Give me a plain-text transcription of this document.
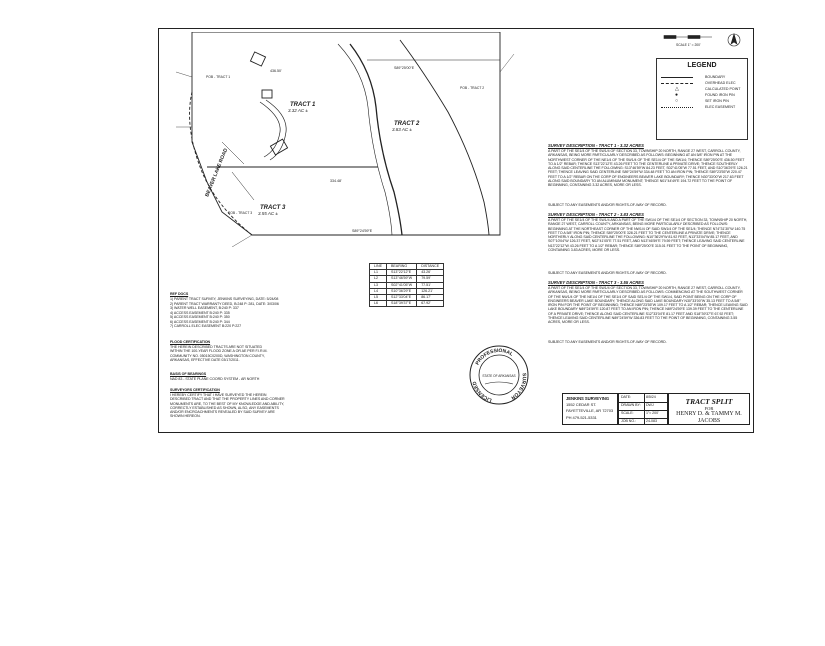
TRACT 1
3.32 AC ±
TRACT 2
3.83 AC ±
TRACT 3
3.55 AC ±
BEAVER LAKE ROAD
POB - TRACT 1
POB - TRACT 2
POB - TRACT 3
436.50'
S89°25'00"E
334.48'
S89°24'59"E
SCALE 1" = 200'
LEGEND
BOUNDARY
OVERHEAD ELEC
△	CALCULATED POINT
●	FOUND IRON PIN
○	SET IRON PIN
ELEC EASEMENT
SURVEY DESCRIPTION - TRACT 1 - 3.32 ACRES
A PART OF THE SE1/4 OF THE SW1/4 OF SECTION 33, TOWNSHIP 20 NORTH, RANGE 27 WEST, CARROLL COUNTY, ARKANSAS, BEING MORE PARTICULARLY DESCRIBED AS FOLLOWS: BEGINNING AT AN 5/8" IRON PIN AT THE NORTHWEST CORNER OF THE NE1/4 OF THE SW1/4 OF THE SE1/4 OF THE SW1/4; THENCE S89°25'00"E 436.50 FEET TO A 1/2" REBAR; THENCE S13°22'12"E 43.26 FEET TO THE CENTERLINE A PRIVATE DRIVE; THENCE SOUTHERLY ALONG SAID CENTERLINE THE FOLLOWING: S13°46'59"W 84.23 FEET, S02°41'05"W 77.51 FEET, AND S10°36'29"E 126.21 FEET; THENCE LEAVING SAID CENTERLINE S89°24'59"W 334.48 FEET TO AN IRON PIN; THENCE S89°23'55"W 220.47 FEET TO A 1/2" REBAR ON THE CORP OF ENGINEERS BEAVER LAKE BOUNDARY; THENCE N30°33'00"W 217.63 FEET ALONG SAID BOUNDARY TO AN ALUMINUM MONUMENT; THENCE N01°44'49"E 194.72 FEET TO THE POINT OF BEGINNING, CONTAINING 3.32 ACRES, MORE OR LESS.
SUBJECT TO ANY EASEMENTS AND/OR RIGHTS-OF-WAY OF RECORD.
SURVEY DESCRIPTION - TRACT 2 - 3.83 ACRES
A PART OF THE SE1/4 OF THE SW1/4 AND A PART OF THE SW1/4 OF THE SE1/4 OF SECTION 33, TOWNSHIP 20 NORTH, RANGE 27 WEST, CARROLL COUNTY, ARKANSAS, BEING MORE PARTICULARLY DESCRIBED AS FOLLOWS: BEGINNING AT THE NORTHEAST CORNER OF THE NW1/4 OF SAID SW1/4 OF THE SE1/4; THENCE N74°31'30"W 140.75 FEET TO A 5/8" IRON PIN; THENCE S89°25'00"E 328.21 FEET TO THE CENTERLINE A PRIVATE DRIVE; THENCE NORTHERLY ALONG SAID CENTERLINE THE FOLLOWING: N10°36'29"W 81.92 FEET, N13°33'04"W 85.17 FEET, AND S07°10'04"W 126.37 FEET, N02°41'05"E 77.51 FEET, AND N13°46'59"E 79.59 FEET; THENCE LEAVING SAID CENTERLINE N13°22'12"W 43.26 FEET TO A 1/2" REBAR; THENCE S89°25'00"E 315.01 FEET TO THE POINT OF BEGINNING, CONTAINING 3.83 ACRES, MORE OR LESS.
SUBJECT TO ANY EASEMENTS AND/OR RIGHTS-OF-WAY OF RECORD.
SURVEY DESCRIPTION - TRACT 3 - 3.55 ACRES
A PART OF THE SE1/4 OF THE SW1/4 OF SECTION 33, TOWNSHIP 20 NORTH, RANGE 27 WEST, CARROLL COUNTY, ARKANSAS, BEING MORE PARTICULARLY DESCRIBED AS FOLLOWS: COMMENCING AT THE SOUTHWEST CORNER OF THE NW1/4 OF THE NE1/4 OF THE SE1/4 OF SAID SE1/4 OF THE SW1/4, SAID POINT BEING ON THE CORP OF ENGINEERS BEAVER LAKE BOUNDARY; THENCE ALONG SAID LAKE BOUNDARY N30°33'00"W 35.13 FEET TO A 5/8" IRON PIN FOR THE POINT OF BEGINNING; THENCE N89°23'55"W 109.17 FEET TO A 1/2" REBAR; THENCE LEAVING SAID LAKE BOUNDARY N89°24'59"E 120.87 FEET TO AN IRON PIN; THENCE N89°24'59"E 139.39 FEET TO THE CENTERLINE OF A PRIVATE DRIVE; THENCE ALONG SAID CENTERLINE S12°33'04"E 81.17 FEET AND S18°39'37"E 67.92 FEET; THENCE LEAVING SAID CENTERLINE N89°24'59"W 336.83 FEET TO THE POINT OF BEGINNING, CONTAINING 3.55 ACRES, MORE OR LESS.
SUBJECT TO ANY EASEMENTS AND/OR RIGHTS-OF-WAY OF RECORD.
LINE	BEARING	DISTANCE
L1	S13°22'12"E	43.26'
L2	S13°46'59"W	79.59'
L3	S02°41'05"W	77.51'
L4	S10°36'29"E	126.21'
L5	S12°33'04"E	86.17'
L6	S18°39'37"E	67.92'
REF DOCS
1) PARENT TRACT SURVEY, JENKINS SURVEYING, DATE: 5/24/08
2) PARENT TRACT WARRANTY DEED, B:248 P: 281, DATE: 3/03/06
3) WATER WELL EASEMENT, B:240 P: 337
4) ACCESS EASEMENT B:240 P: 335
5) ACCESS EASEMENT B:240 P: 350
6) ACCESS EASEMENT B:240 P: 344
7) CARROLL ELEC EASEMENT B:220 P:227
FLOOD CERTIFICATION
THE HEREIN DESCRIBED TRACTS ARE NOT SITUATED WITHIN THE 100-YEAR FLOOD ZONE A OR AE PER F.I.R.M. COMMUNITY NO. 05015C0200D, WASHINGTON COUNTY, ARKANSAS, EFFECTIVE DATE 03/17/2011.
BASIS OF BEARINGS
NAD 83 - STATE PLANE COORD SYSTEM - AR NORTH
SURVEYORS CERTIFICATION
I HEREBY CERTIFY THAT I HAVE SURVEYED THE HEREIN DESCRIBED TRACT AND THAT THE PROPERTY LINES AND CORNER MONUMENTS ARE, TO THE BEST OF MY KNOWLEDGE AND ABILITY, CORRECTLY ESTABLISHED AS SHOWN, ALSO, ANY EASEMENTS AND/OR ENCROACHMENTS REVEALED BY SAID SURVEY ARE SHOWN HEREON.
PROFESSIONAL
LICENSED
SURVEYOR
STATE OF ARKANSAS
JENKINS SURVEYING
1552 CEDAR ST.
FAYETTEVILLE, AR 72703
PH 479-521-5331
DATE:	8/5/24
DRAWN BY: DWJ
SCALE:	1"= 200'
JOB NO.:	24-083
TRACT SPLIT
FOR
HENRY D. & TAMMY M.
JACOBS
